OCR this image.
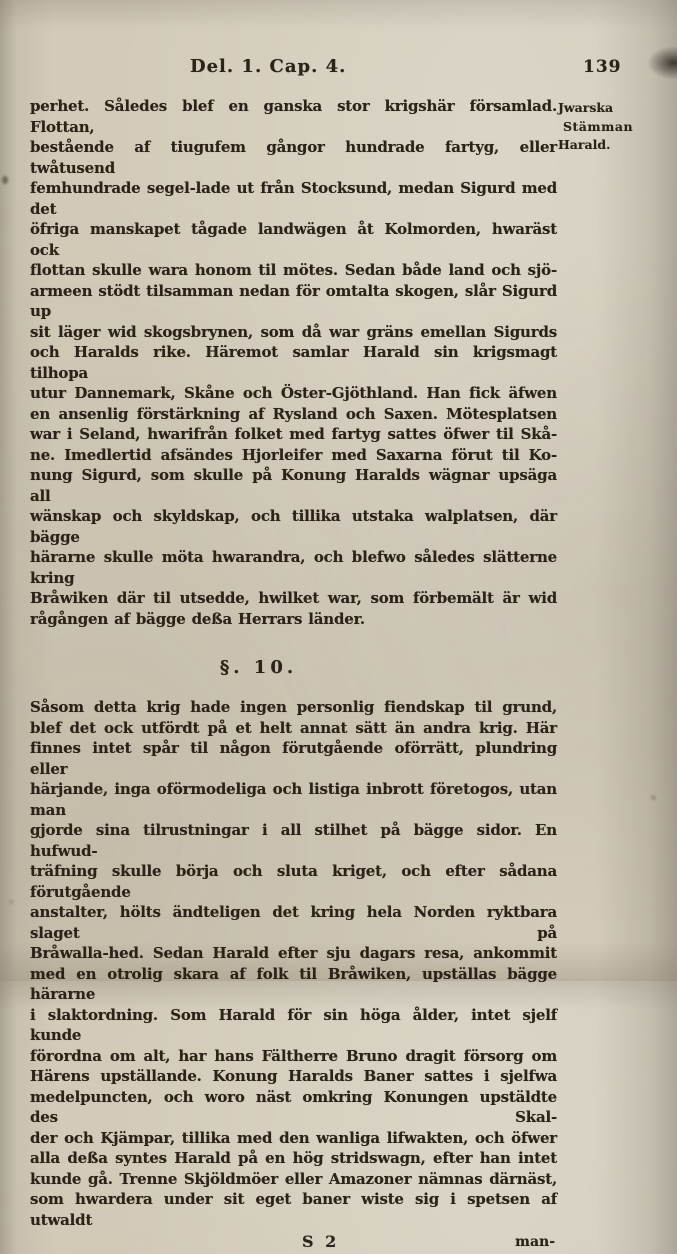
Del. 1. Cap. 4.	139
Jwarska
Stämman
Harald.
perhet. Således blef en ganska stor krigshär församlad. Flottan,
bestående af tiugufem gångor hundrade fartyg, eller twåtusend
femhundrade segel-lade ut från Stocksund, medan Sigurd med det
öfriga manskapet tågade landwägen åt Kolmorden, hwaräst ock
flottan skulle wara honom til mötes. Sedan både land och sjö-
armeen stödt tilsamman nedan för omtalta skogen, slår Sigurd up
sit läger wid skogsbrynen, som då war gräns emellan Sigurds
och Haralds rike. Häremot samlar Harald sin krigsmagt tilhopa
utur Dannemark, Skåne och Öster-Gjöthland. Han fick äfwen
en ansenlig förstärkning af Rysland och Saxen. Mötesplatsen
war i Seland, hwarifrån folket med fartyg sattes öfwer til Skå-
ne. Imedlertid afsändes Hjorleifer med Saxarna förut til Ko-
nung Sigurd, som skulle på Konung Haralds wägnar upsäga all
wänskap och skyldskap, och tillika utstaka walplatsen, där bägge
härarne skulle möta hwarandra, och blefwo således slätterne kring
Bråwiken där til utsedde, hwilket war, som förbemält är wid
rågången af bägge deßa Herrars länder.
§. 10.
Såsom detta krig hade ingen personlig fiendskap til grund,
blef det ock utfördt på et helt annat sätt än andra krig. Här
finnes intet spår til någon förutgående oförrätt, plundring eller
härjande, inga oförmodeliga och listiga inbrott företogos, utan man
gjorde sina tilrustningar i all stilhet på bägge sidor. En hufwud-
träfning skulle börja och sluta kriget, och efter sådana förutgående
anstalter, hölts ändteligen det kring hela Norden ryktbara slaget på
Bråwalla-hed. Sedan Harald efter sju dagars resa, ankommit
med en otrolig skara af folk til Bråwiken, upställas bägge härarne
i slaktordning. Som Harald för sin höga ålder, intet sjelf kunde
förordna om alt, har hans Fältherre Bruno dragit försorg om
Härens upställande. Konung Haralds Baner sattes i sjelfwa
medelpuncten, och woro näst omkring Konungen upstäldte des Skal-
der och Kjämpar, tillika med den wanliga lifwakten, och öfwer
alla deßa syntes Harald på en hög stridswagn, efter han intet
kunde gå. Trenne Skjöldmöer eller Amazoner nämnas därnäst,
som hwardera under sit eget baner wiste sig i spetsen af utwaldt
S 2	man-
